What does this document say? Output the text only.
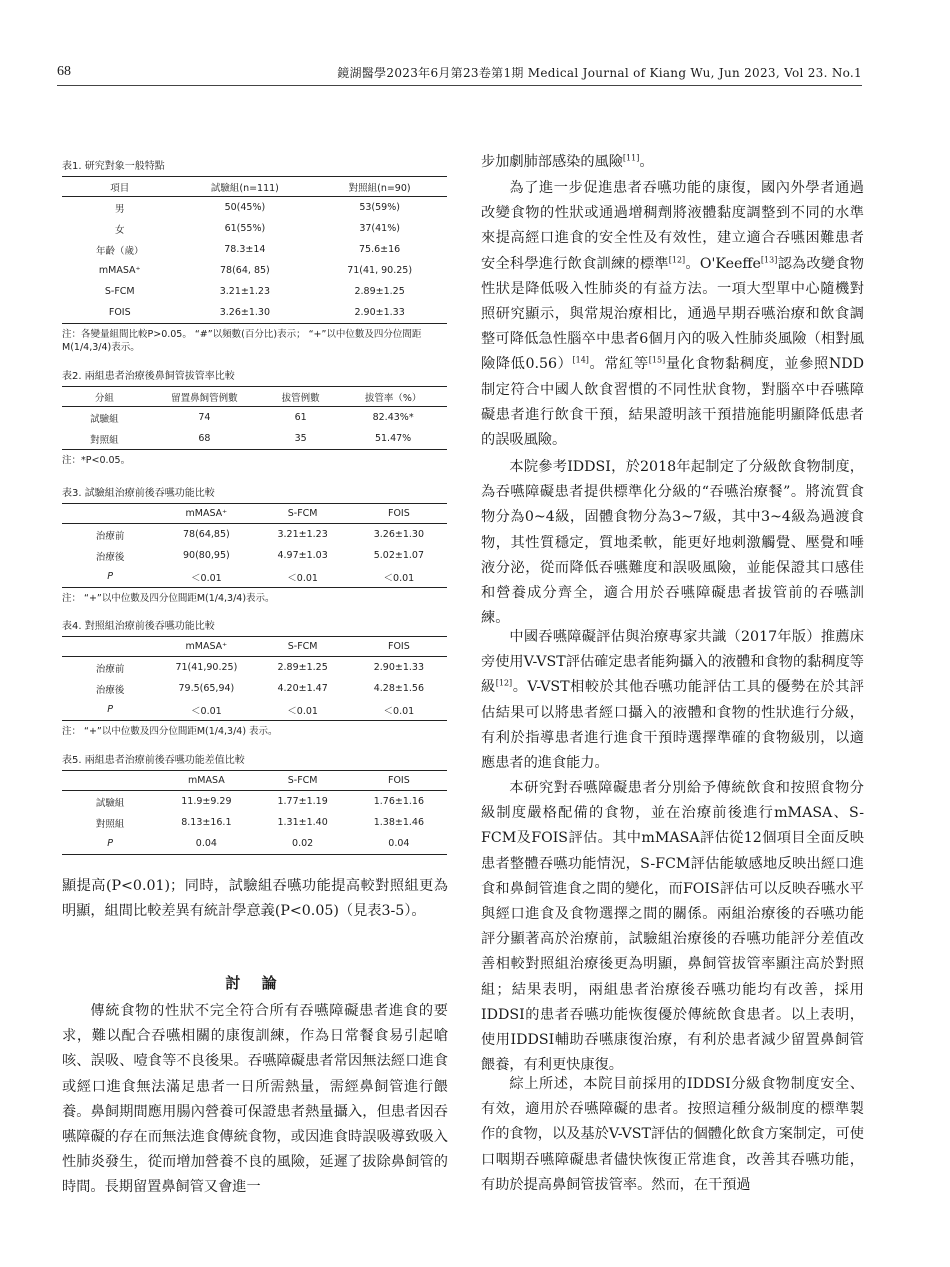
68	鏡湖醫學2023年6月第23卷第1期 Medical Journal of Kiang Wu, Jun 2023, Vol 23. No.1
表1. 研究對象一般特點
項目	試驗組(n=111)	對照組(n=90)
男	50(45%)	53(59%)
女	61(55%)	37(41%)
年齡（歲）	78.3±14	75.6±16
mMASA⁺	78(64, 85)	71(41, 90.25)
S-FCM	3.21±1.23	2.89±1.25
FOIS	3.26±1.30	2.90±1.33
注：各變量組間比較P>0.05。 “#”以頻數(百分比)表示； “+”以中位數及四分位間距M(1/4,3/4)表示。
表2. 兩組患者治療後鼻飼管拔管率比較
分組	留置鼻飼管例數	拔管例數	拔管率（%）
試驗組	74	61	82.43%*
對照組	68	35	51.47%
注：*P<0.05。
表3. 試驗組治療前後吞嚥功能比較
	mMASA⁺	S-FCM	FOIS
治療前	78(64,85)	3.21±1.23	3.26±1.30
治療後	90(80,95)	4.97±1.03	5.02±1.07
P	＜0.01	＜0.01	＜0.01
注： “+”以中位數及四分位間距M(1/4,3/4)表示。
表4. 對照組治療前後吞嚥功能比較
	mMASA⁺	S-FCM	FOIS
治療前	71(41,90.25)	2.89±1.25	2.90±1.33
治療後	79.5(65,94)	4.20±1.47	4.28±1.56
P	＜0.01	＜0.01	＜0.01
注： “+”以中位數及四分位間距M(1/4,3/4) 表示。
表5. 兩組患者治療前後吞嚥功能差值比較
	mMASA	S-FCM	FOIS
試驗組	11.9±9.29	1.77±1.19	1.76±1.16
對照組	8.13±16.1	1.31±1.40	1.38±1.46
P	0.04	0.02	0.04
顯提高(P<0.01)；同時，試驗組吞嚥功能提高較對照組更為明顯，組間比較差異有統計學意義(P<0.05)（見表3-5）。
討 論
傳統食物的性狀不完全符合所有吞嚥障礙患者進食的要求，難以配合吞嚥相關的康復訓練，作為日常餐食易引起嗆咳、誤吸、噎食等不良後果。吞嚥障礙患者常因無法經口進食或經口進食無法滿足患者一日所需熱量，需經鼻飼管進行餵養。鼻飼期間應用腸內營養可保證患者熱量攝入，但患者因吞嚥障礙的存在而無法進食傳統食物，或因進食時誤吸導致吸入性肺炎發生，從而增加營養不良的風險，延遲了拔除鼻飼管的時間。長期留置鼻飼管又會進一
步加劇肺部感染的風險[11]。
為了進一步促進患者吞嚥功能的康復，國內外學者通過改變食物的性狀或通過增稠劑將液體黏度調整到不同的水準來提高經口進食的安全性及有效性，建立適合吞嚥困難患者安全科學進行飲食訓練的標準[12]。O'Keeffe[13]認為改變食物性狀是降低吸入性肺炎的有益方法。一項大型單中心隨機對照研究顯示，與常規治療相比，通過早期吞嚥治療和飲食調整可降低急性腦卒中患者6個月內的吸入性肺炎風險（相對風險降低0.56）[14]。常紅等[15]量化食物黏稠度，並參照NDD制定符合中國人飲食習慣的不同性狀食物，對腦卒中吞嚥障礙患者進行飲食干預，結果證明該干預措施能明顯降低患者的誤吸風險。
本院參考IDDSI，於2018年起制定了分級飲食物制度，為吞嚥障礙患者提供標準化分級的“吞嚥治療餐”。將流質食物分為0~4級，固體食物分為3~7級，其中3~4級為過渡食物，其性質穩定，質地柔軟，能更好地刺激觸覺、壓覺和唾液分泌，從而降低吞嚥難度和誤吸風險，並能保證其口感佳和營養成分齊全，適合用於吞嚥障礙患者拔管前的吞嚥訓練。
中國吞嚥障礙評估與治療專家共識（2017年版）推薦床旁使用V-VST評估確定患者能夠攝入的液體和食物的黏稠度等級[12]。V-VST相較於其他吞嚥功能評估工具的優勢在於其評估結果可以將患者經口攝入的液體和食物的性狀進行分級，有利於指導患者進行進食干預時選擇準確的食物級別，以適應患者的進食能力。
本研究對吞嚥障礙患者分別給予傳統飲食和按照食物分級制度嚴格配備的食物，並在治療前後進行mMASA、S-FCM及FOIS評估。其中mMASA評估從12個項目全面反映患者整體吞嚥功能情況，S-FCM評估能敏感地反映出經口進食和鼻飼管進食之間的變化，而FOIS評估可以反映吞嚥水平與經口進食及食物選擇之間的關係。兩組治療後的吞嚥功能評分顯著高於治療前，試驗組治療後的吞嚥功能評分差值改善相較對照組治療後更為明顯，鼻飼管拔管率顯注高於對照組；結果表明，兩組患者治療後吞嚥功能均有改善，採用IDDSI的患者吞嚥功能恢復優於傳統飲食患者。以上表明，使用IDDSI輔助吞嚥康復治療，有利於患者減少留置鼻飼管餵養，有利更快康復。
綜上所述，本院目前採用的IDDSI分級食物制度安全、有效，適用於吞嚥障礙的患者。按照這種分級制度的標準製作的食物，以及基於V-VST評估的個體化飲食方案制定，可使口咽期吞嚥障礙患者儘快恢復正常進食，改善其吞嚥功能，有助於提高鼻飼管拔管率。然而，在干預過
